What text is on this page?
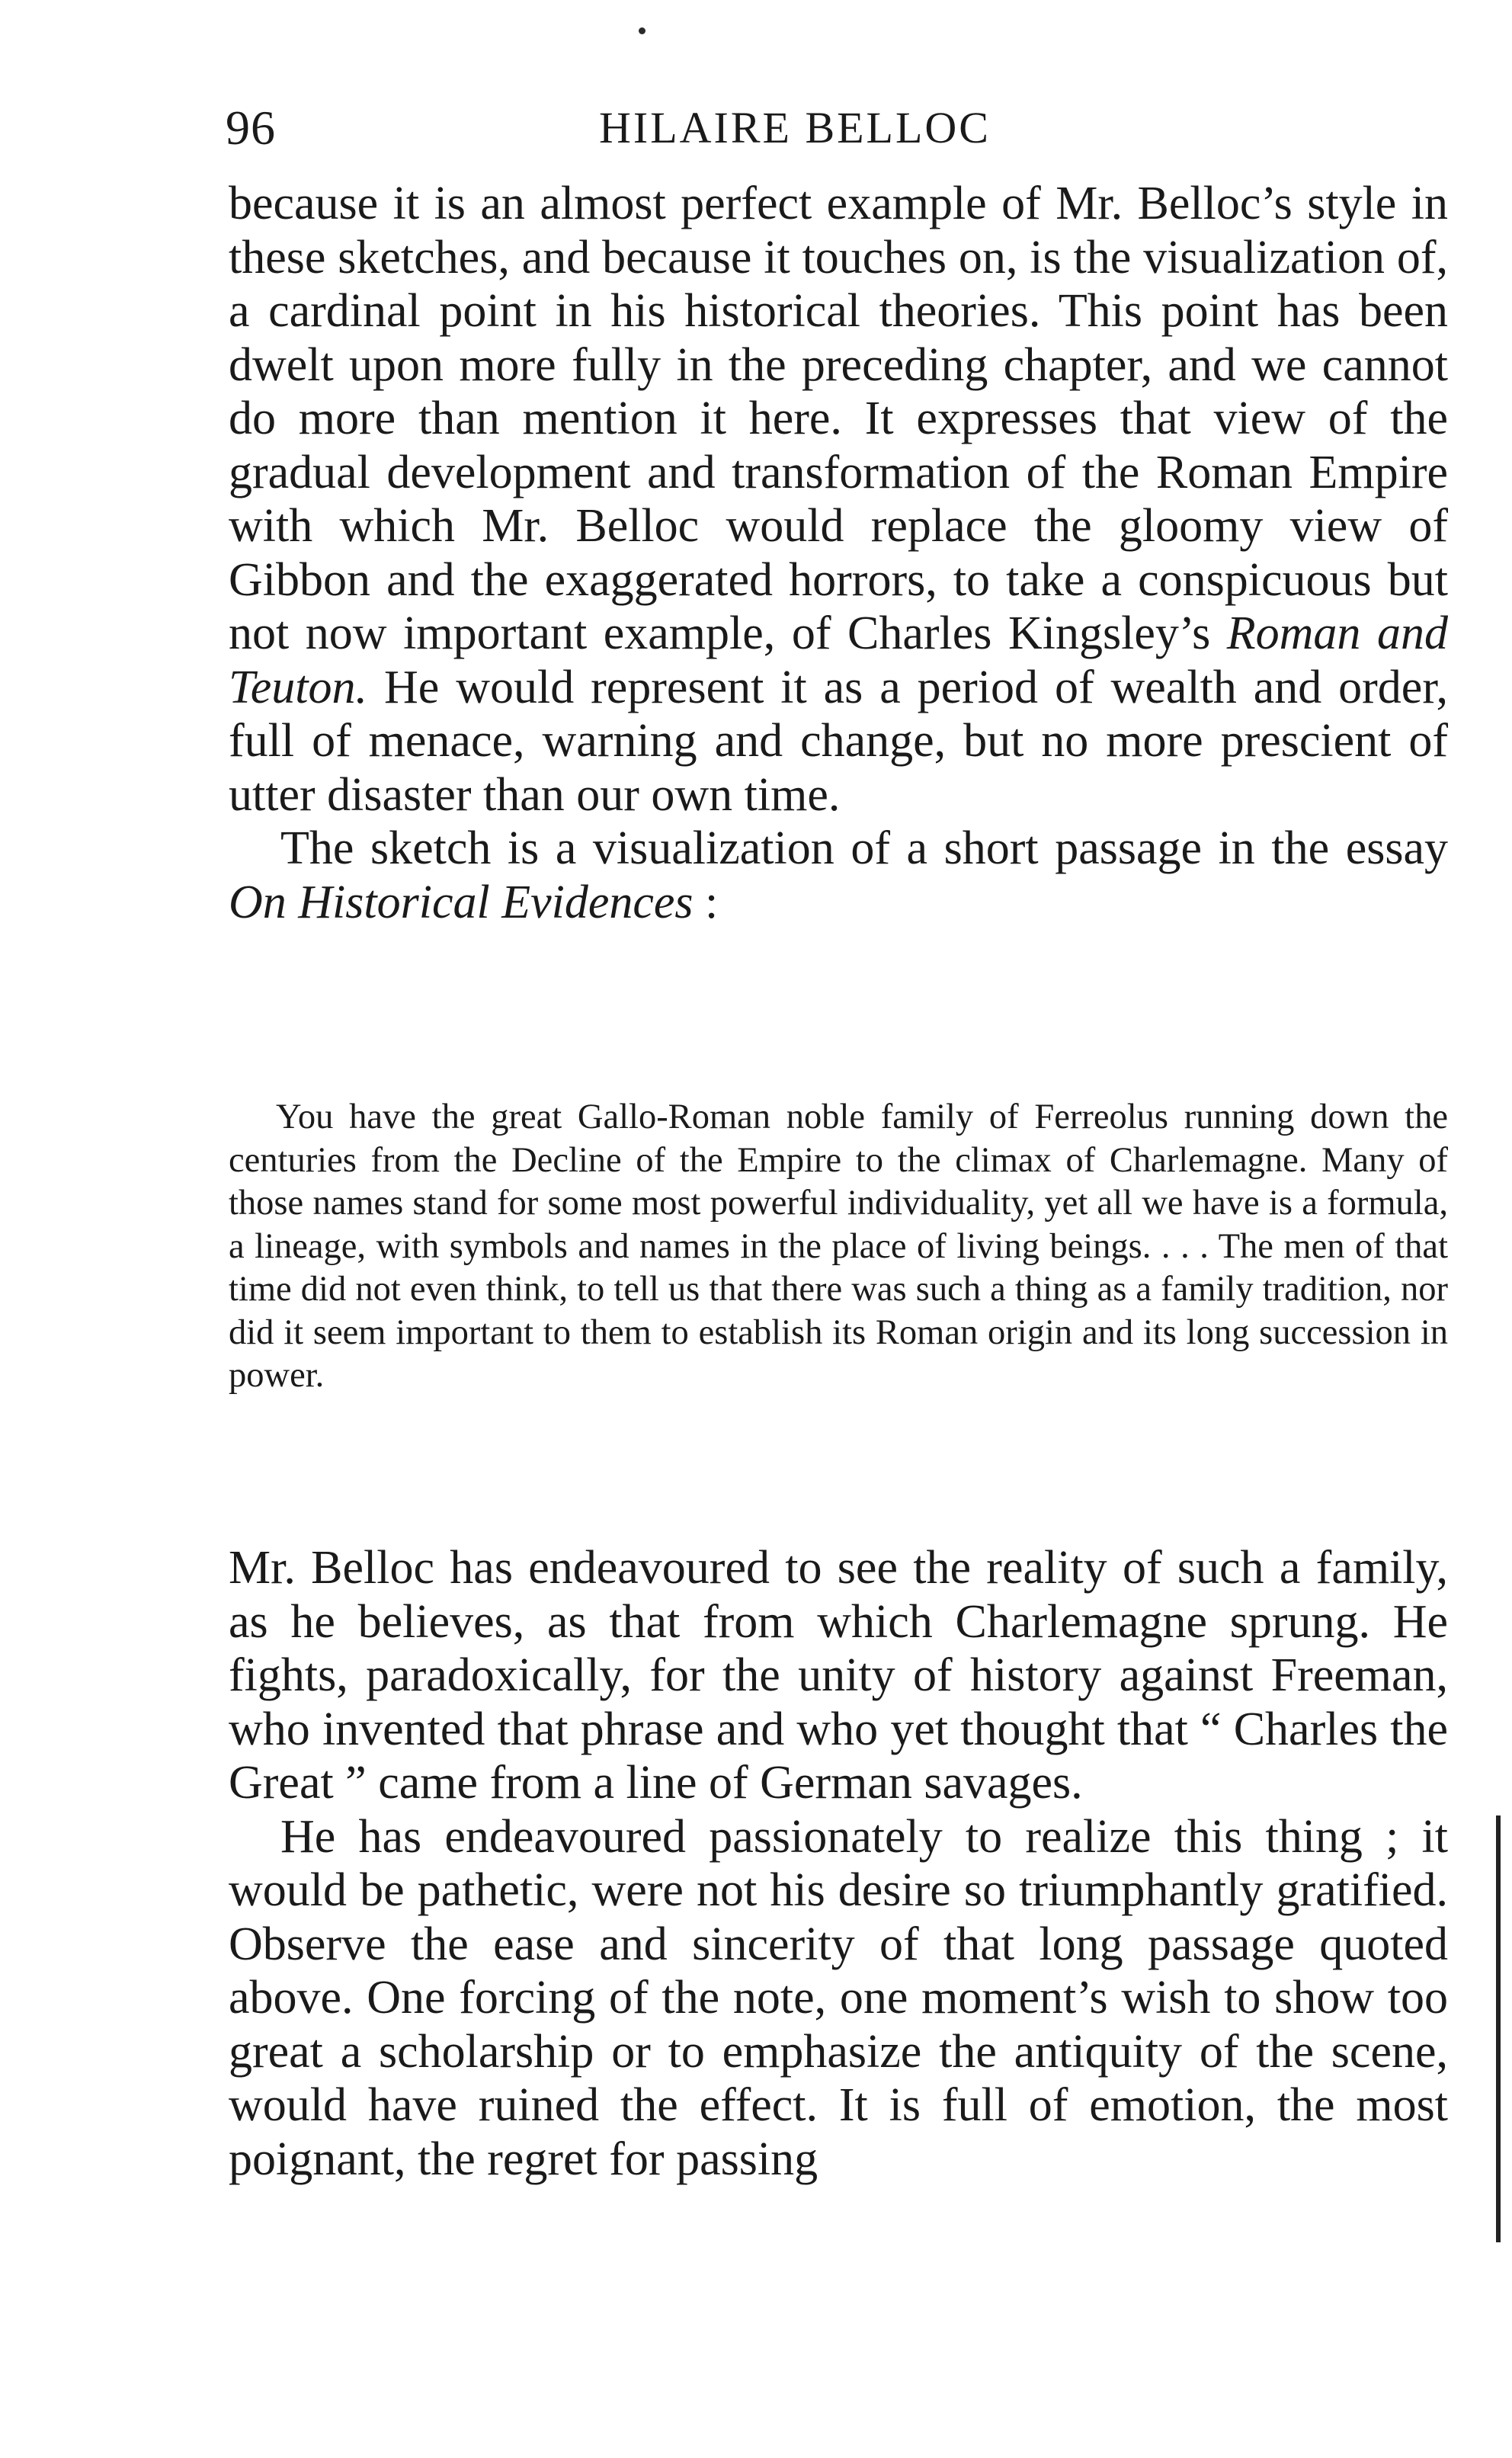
96	HILAIRE BELLOC

because it is an almost perfect example of Mr. Belloc’s style in these sketches, and because it touches on, is the visualization of, a cardinal point in his historical theories. This point has been dwelt upon more fully in the preceding chapter, and we cannot do more than mention it here. It expresses that view of the gradual development and transformation of the Roman Empire with which Mr. Belloc would replace the gloomy view of Gibbon and the exaggerated horrors, to take a conspicuous but not now important example, of Charles Kingsley’s Roman and Teuton. He would represent it as a period of wealth and order, full of menace, warning and change, but no more prescient of utter disaster than our own time.

The sketch is a visualization of a short passage in the essay On Historical Evidences :

You have the great Gallo-Roman noble family of Ferreolus running down the centuries from the Decline of the Empire to the climax of Charlemagne. Many of those names stand for some most powerful individuality, yet all we have is a formula, a lineage, with symbols and names in the place of living beings. . . . The men of that time did not even think, to tell us that there was such a thing as a family tradition, nor did it seem important to them to establish its Roman origin and its long succession in power.

Mr. Belloc has endeavoured to see the reality of such a family, as he believes, as that from which Charlemagne sprung. He fights, paradoxically, for the unity of history against Freeman, who invented that phrase and who yet thought that “ Charles the Great ” came from a line of German savages.

He has endeavoured passionately to realize this thing ; it would be pathetic, were not his desire so triumphantly gratified. Observe the ease and sincerity of that long passage quoted above. One forcing of the note, one moment’s wish to show too great a scholarship or to emphasize the antiquity of the scene, would have ruined the effect. It is full of emotion, the most poignant, the regret for passing
